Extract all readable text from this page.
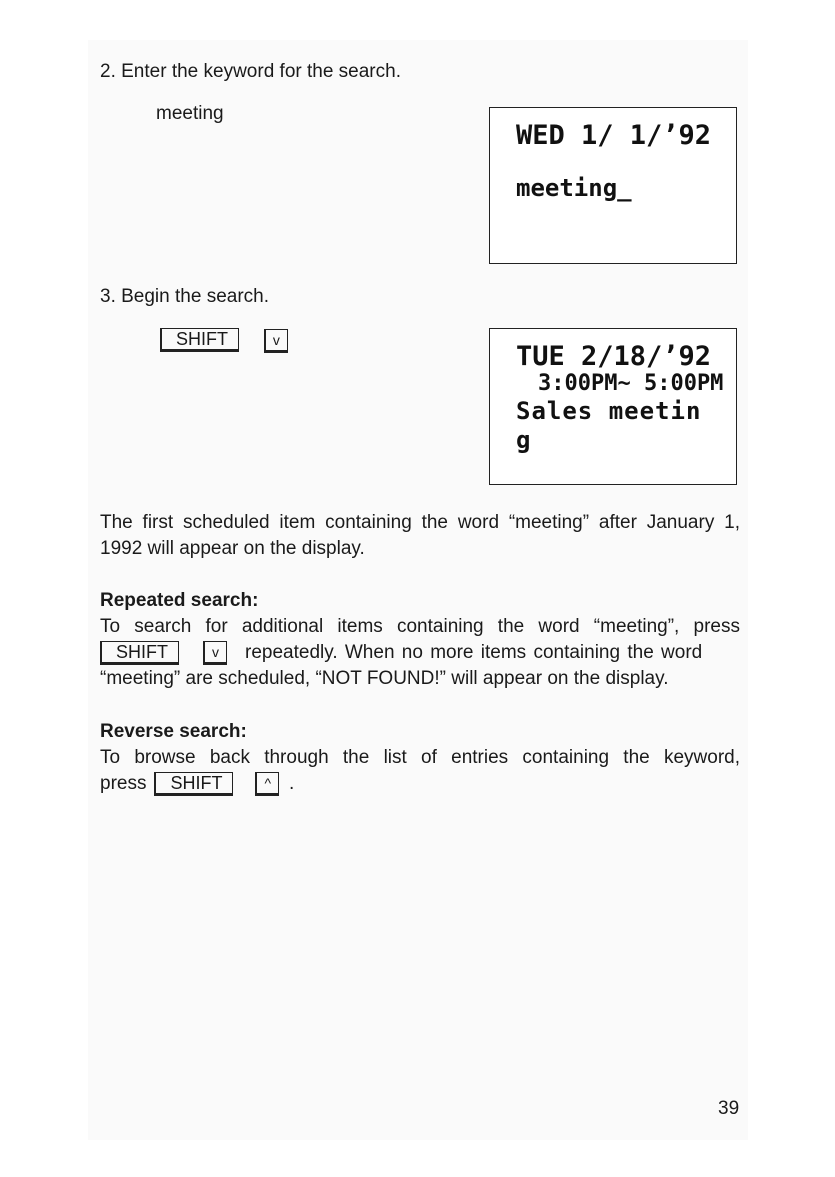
2. Enter the keyword for the search.
meeting
WED 1/ 1/’92
meeting_
3. Begin the search.
SHIFT	v
TUE 2/18/’92
3:00PM~ 5:00PM
Sales meetin
g
The first scheduled item containing the word “meeting” after January 1, 1992 will appear on the display.
Repeated search:
To search for additional items containing the word “meeting”, press
SHIFT	v	repeatedly. When no more items containing the word
“meeting” are scheduled, “NOT FOUND!” will appear on the display.
Reverse search:
To browse back through the list of entries containing the keyword,
press	SHIFT	^ .
39
